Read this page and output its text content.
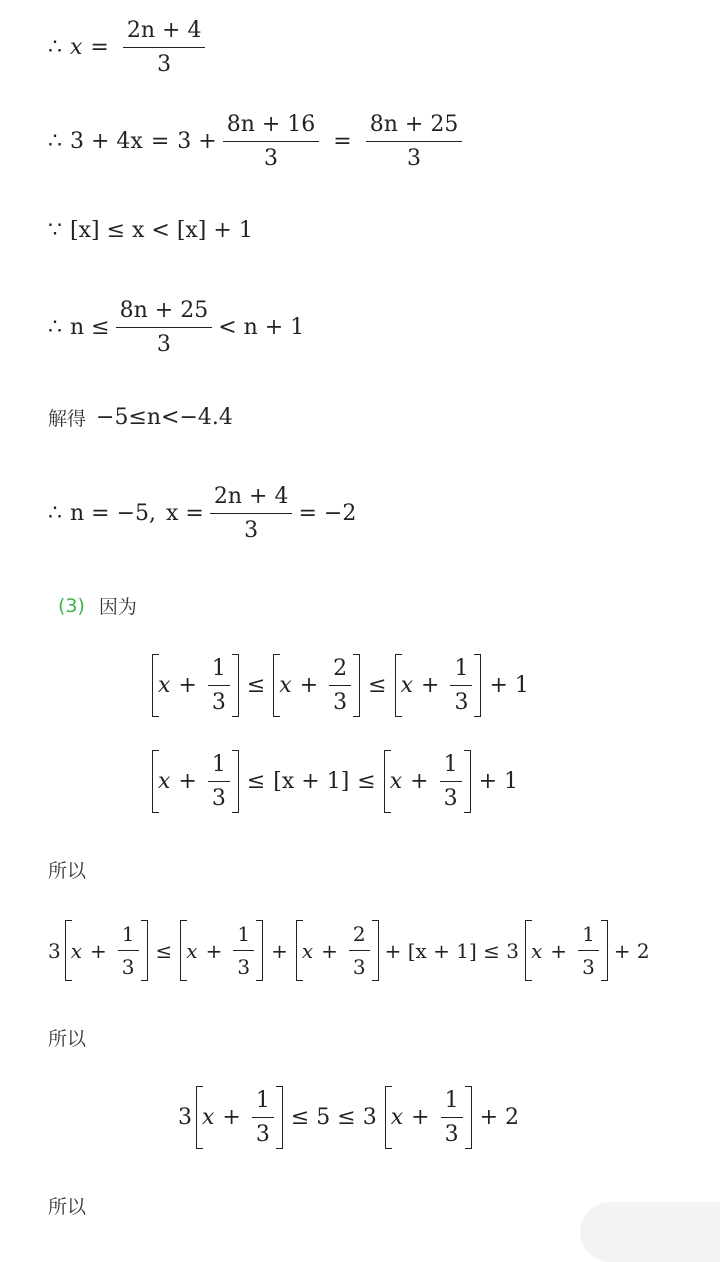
∴ $x = \frac{2n + 4}{3}$
∴ $3 + 4x = 3 + \frac{8n + 16}{3} = \frac{8n + 25}{3}$
∵ [x] ≤ x < [x] + 1
∴ $n \le \frac{8n + 25}{3} < n + 1$
解得 −5≤n<−4.4
∴ n = −5, $x = \frac{2n + 4}{3} = -2$
(3) 因为
$x + \frac{1}{3} \le x + \frac{2}{3} \le x + \frac{1}{3} + 1$
$x + \frac{1}{3} \le [x + 1] \le x + \frac{1}{3} + 1$
所以
3 $x + \frac{1}{3} \le x + \frac{1}{3} + x + \frac{2}{3} + [x + 1] \le 3$ $x + \frac{1}{3} + 2$
所以
3 $x + \frac{1}{3} \le 5 \le 3$ $x + \frac{1}{3} + 2$
所以
